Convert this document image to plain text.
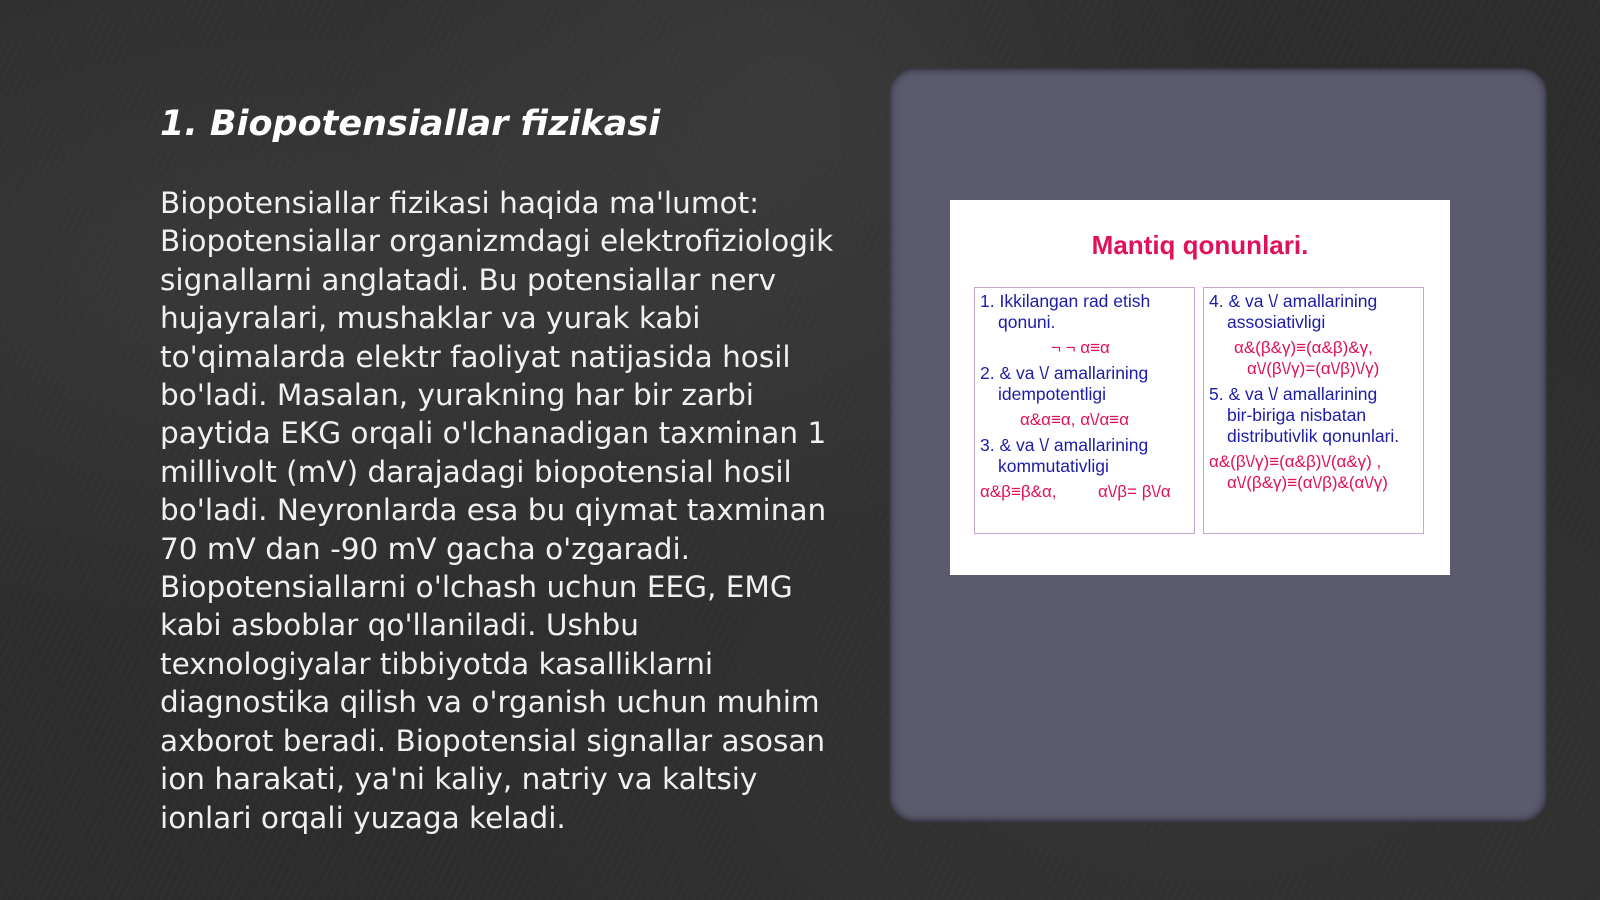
1. Biopotensiallar fizikasi

Biopotensiallar fizikasi haqida ma'lumot: Biopotensiallar organizmdagi elektrofiziologik signallarni anglatadi. Bu potensiallar nerv hujayralari, mushaklar va yurak kabi to'qimalarda elektr faoliyat natijasida hosil bo'ladi. Masalan, yurakning har bir zarbi paytida EKG orqali o'lchanadigan taxminan 1 millivolt (mV) darajadagi biopotensial hosil bo'ladi. Neyronlarda esa bu qiymat taxminan 70 mV dan -90 mV gacha o'zgaradi. Biopotensiallarni o'lchash uchun EEG, EMG kabi asboblar qo'llaniladi. Ushbu texnologiyalar tibbiyotda kasalliklarni diagnostika qilish va o'rganish uchun muhim axborot beradi. Biopotensial signallar asosan ion harakati, ya'ni kaliy, natriy va kaltsiy ionlari orqali yuzaga keladi.

Mantiq qonunlari.
1. Ikkilangan rad etish
qonuni.
¬ ¬ α≡α
2. & va \/ amallarining
idempotentligi
α&α≡α, α\/α≡α
3. & va \/ amallarining
kommutativligi
α&β≡β&α, α\/β= β\/α
4. & va \/ amallarining
assosiativligi
α&(β&γ)≡(α&β)&γ,
α\/(β\/γ)=(α\/β)\/γ)
5. & va \/ amallarining
bir-biriga nisbatan
distributivlik qonunlari.
α&(β\/γ)≡(α&β)\/(α&γ) ,
α\/(β&γ)≡(α\/β)&(α\/γ)
